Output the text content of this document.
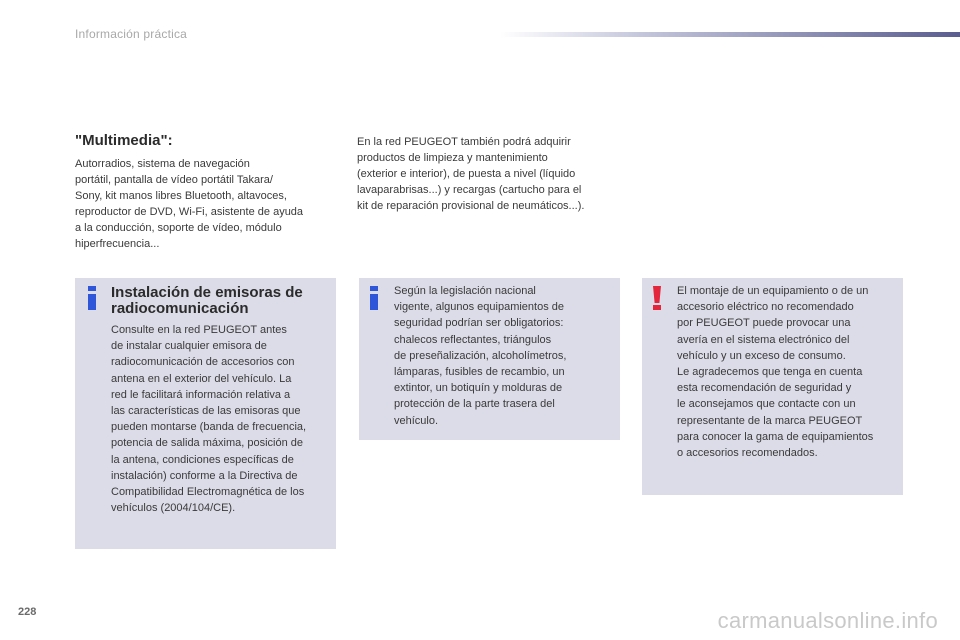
Información práctica
"Multimedia":
Autorradios, sistema de navegación
portátil, pantalla de vídeo portátil Takara/
Sony, kit manos libres Bluetooth, altavoces,
reproductor de DVD, Wi-Fi, asistente de ayuda
a la conducción, soporte de vídeo, módulo
hiperfrecuencia...
En la red PEUGEOT también podrá adquirir
productos de limpieza y mantenimiento
(exterior e interior), de puesta a nivel (líquido
lavaparabrisas...) y recargas (cartucho para el
kit de reparación provisional de neumáticos...).
Instalación de emisoras de
radiocomunicación
Consulte en la red PEUGEOT antes
de instalar cualquier emisora de
radiocomunicación de accesorios con
antena en el exterior del vehículo. La
red le facilitará información relativa a
las características de las emisoras que
pueden montarse (banda de frecuencia,
potencia de salida máxima, posición de
la antena, condiciones específicas de
instalación) conforme a la Directiva de
Compatibilidad Electromagnética de los
vehículos (2004/104/CE).
Según la legislación nacional
vigente, algunos equipamientos de
seguridad podrían ser obligatorios:
chalecos reflectantes, triángulos
de preseñalización, alcoholímetros,
lámparas, fusibles de recambio, un
extintor, un botiquín y molduras de
protección de la parte trasera del
vehículo.
El montaje de un equipamiento o de un
accesorio eléctrico no recomendado
por PEUGEOT puede provocar una
avería en el sistema electrónico del
vehículo y un exceso de consumo.
Le agradecemos que tenga en cuenta
esta recomendación de seguridad y
le aconsejamos que contacte con un
representante de la marca PEUGEOT
para conocer la gama de equipamientos
o accesorios recomendados.
228	carmanualsonline.info
